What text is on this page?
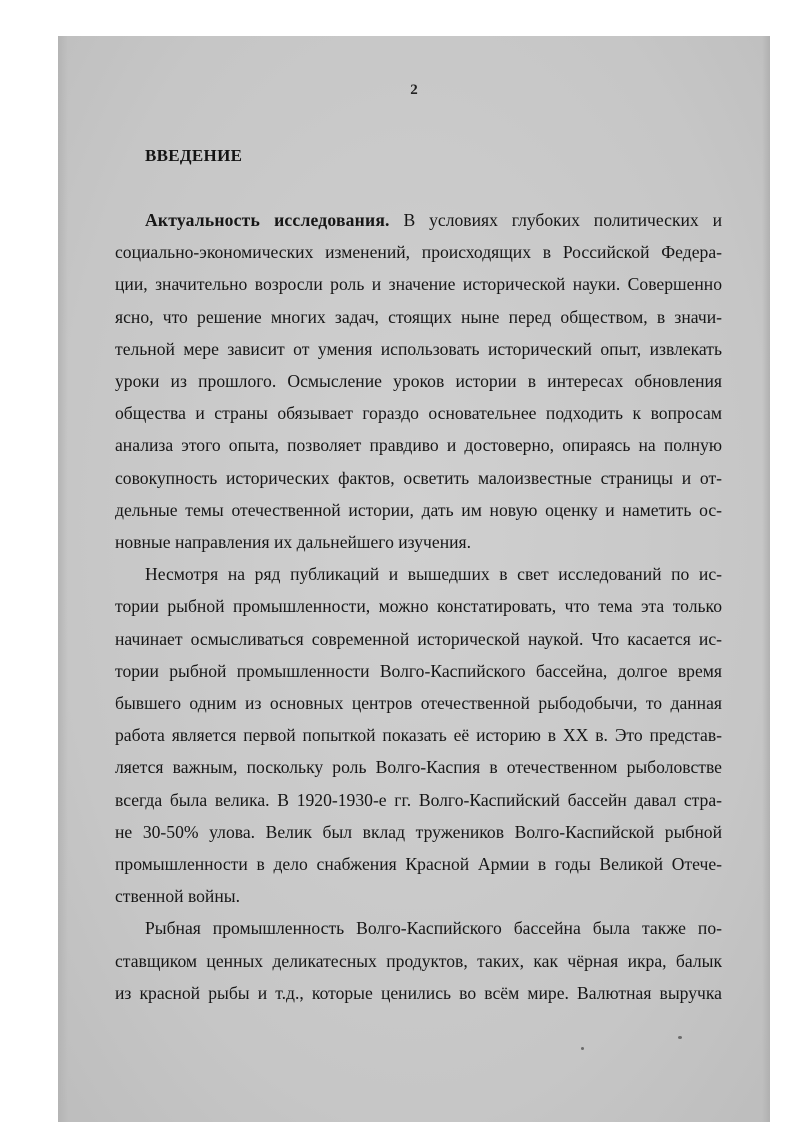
2
ВВЕДЕНИЕ
Актуальность исследования. В условиях глубоких политических и
социально-экономических изменений, происходящих в Российской Федера-
ции, значительно возросли роль и значение исторической науки. Совершенно
ясно, что решение многих задач, стоящих ныне перед обществом, в значи-
тельной мере зависит от умения использовать исторический опыт, извлекать
уроки из прошлого. Осмысление уроков истории в интересах обновления
общества и страны обязывает гораздо основательнее подходить к вопросам
анализа этого опыта, позволяет правдиво и достоверно, опираясь на полную
совокупность исторических фактов, осветить малоизвестные страницы и от-
дельные темы отечественной истории, дать им новую оценку и наметить ос-
новные направления их дальнейшего изучения.
Несмотря на ряд публикаций и вышедших в свет исследований по ис-
тории рыбной промышленности, можно констатировать, что тема эта только
начинает осмысливаться современной исторической наукой. Что касается ис-
тории рыбной промышленности Волго-Каспийского бассейна, долгое время
бывшего одним из основных центров отечественной рыбодобычи, то данная
работа является первой попыткой показать её историю в XX в. Это представ-
ляется важным, поскольку роль Волго-Каспия в отечественном рыболовстве
всегда была велика. В 1920-1930-е гг. Волго-Каспийский бассейн давал стра-
не 30-50% улова. Велик был вклад тружеников Волго-Каспийской рыбной
промышленности в дело снабжения Красной Армии в годы Великой Отече-
ственной войны.
Рыбная промышленность Волго-Каспийского бассейна была также по-
ставщиком ценных деликатесных продуктов, таких, как чёрная икра, балык
из красной рыбы и т.д., которые ценились во всём мире. Валютная выручка
